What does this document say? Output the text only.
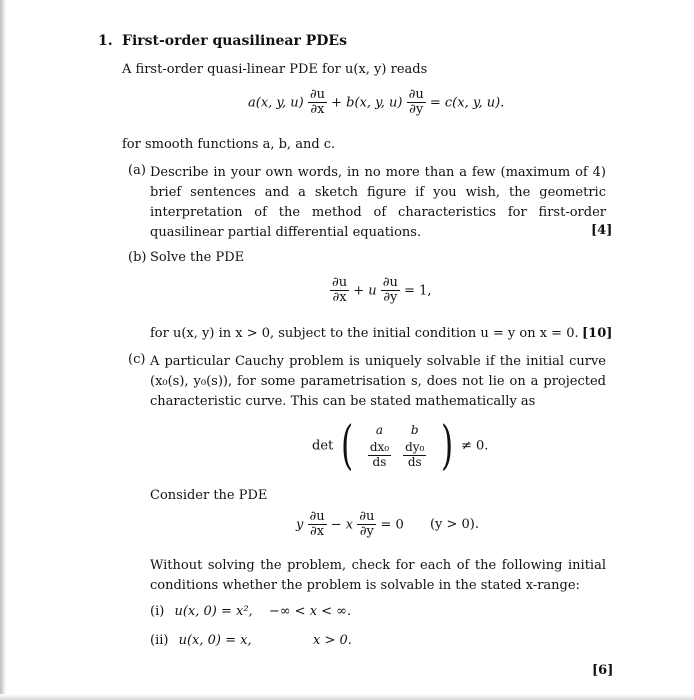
1. First-order quasilinear PDEs
A first-order quasi-linear PDE for u(x, y) reads
a(x, y, $u) \frac{\partial u}{\partial x} + b(x$, y, $u) \frac{\partial u}{\partial y} = c(x$, y, u).
for smooth functions a, b, and c.
(a) Describe in your own words, in no more than a few (maximum of 4) brief sentences and a sketch figure if you wish, the geometric interpretation of the method of characteristics for first-order quasilinear partial differential equations.	[4]
(b) Solve the PDE
$\frac{\partial u}{\partial x} + u \frac{\partial u}{\partial y} = 1$,
for u(x, y) in x > 0, subject to the initial condition u = y on x = 0. [10]
(c) A particular Cauchy problem is uniquely solvable if the initial curve (x₀(s), y₀(s)), for some parametrisation s, does not lie on a projected characteristic curve. This can be stated mathematically as
det ( a	b

$\frac{\text{dx₀}}{ds}$	$\frac{\text{dy₀}}{ds}$ ) ≠ 0.
Consider the PDE
y $\frac{\partial u}{\partial x} - x \frac{\partial u}{\partial y} = 0$ (y > 0).
Without solving the problem, check for each of the following initial conditions whether the problem is solvable in the stated x-range:
(i) u(x, 0) = x², −∞ < x < ∞.
(ii) u(x, 0) = x,	x > 0.
[6]
